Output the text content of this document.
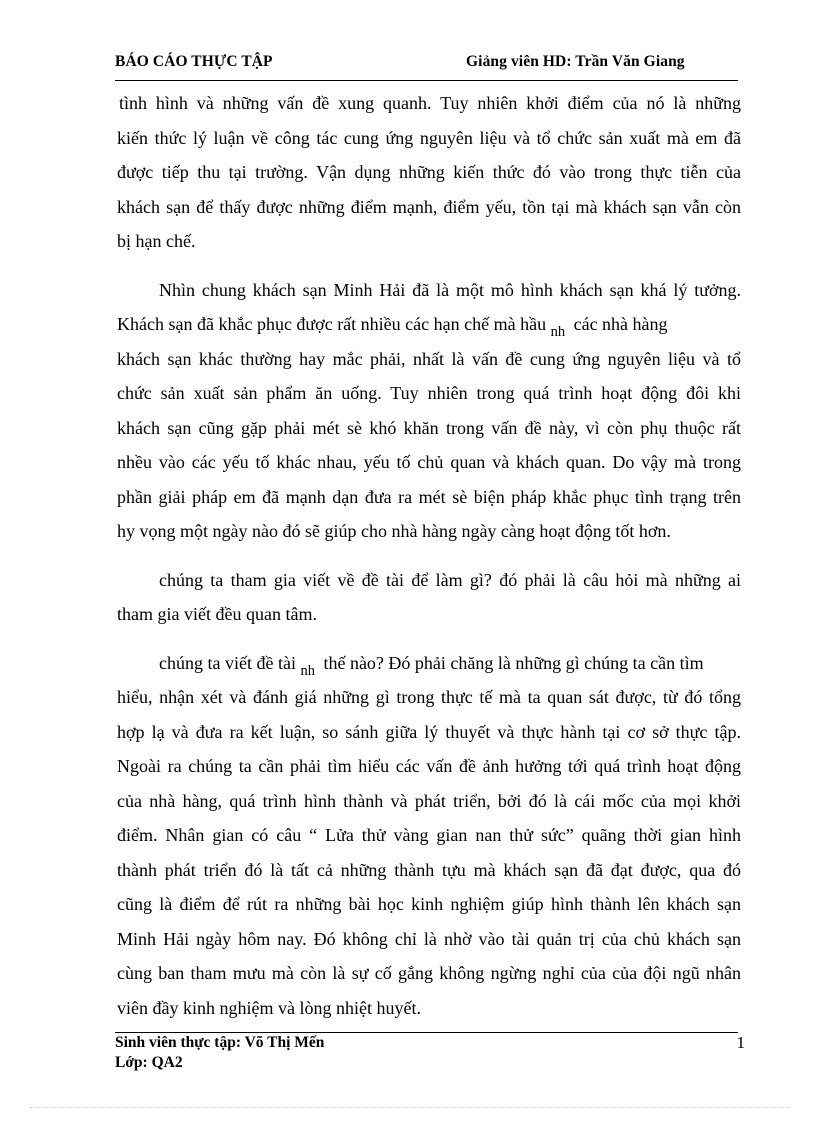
BÁO CÁO THỰC TẬP	Giảng viên HD: Trần Văn Giang
tình hình và những vấn đề xung quanh. Tuy nhiên khởi điểm của nó là những
kiến thức lý luận về công tác cung ứng nguyên liệu và tổ chức sản xuất mà em đã
được tiếp thu tại trường. Vận dụng những kiến thức đó vào trong thực tiễn của
khách sạn để thấy được những điểm mạnh, điểm yếu, tồn tại mà khách sạn vẫn còn
bị hạn chế.
Nhìn chung khách sạn Minh Hải đã là một mô hình khách sạn khá lý tưởng.
Khách sạn đã khắc phục được rất nhiều các hạn chế mà hầu $_{nh}$ các nhà hàng
khách sạn khác thường hay mắc phải, nhất là vấn đề cung ứng nguyên liệu và tổ
chức sản xuất sản phẩm ăn uống. Tuy nhiên trong quá trình hoạt động đôi khi
khách sạn cũng gặp phải mét sè khó khăn trong vấn đề này, vì còn phụ thuộc rất
nhều vào các yếu tố khác nhau, yếu tố chủ quan và khách quan. Do vậy mà trong
phần giải pháp em đã mạnh dạn đưa ra mét sè biện pháp khắc phục tình trạng trên
hy vọng một ngày nào đó sẽ giúp cho nhà hàng ngày càng hoạt động tốt hơn.
chúng ta tham gia viết về đề tài để làm gì? đó phải là câu hỏi mà những ai
tham gia viết đều quan tâm.
chúng ta viết đề tài $_{nh}$ thế nào? Đó phải chăng là những gì chúng ta cần tìm
hiểu, nhận xét và đánh giá những gì trong thực tế mà ta quan sát được, từ đó tổng
hợp lạ và đưa ra kết luận, so sánh giữa lý thuyết và thực hành tại cơ sở thực tập.
Ngoài ra chúng ta cần phải tìm hiểu các vấn đề ảnh hưởng tới quá trình hoạt động
của nhà hàng, quá trình hình thành và phát triển, bởi đó là cái mốc của mọi khởi
điểm. Nhân gian có câu “ Lửa thử vàng gian nan thử sức” quãng thời gian hình
thành phát triển đó là tất cả những thành tựu mà khách sạn đã đạt được, qua đó
cũng là điểm để rút ra những bài học kinh nghiệm giúp hình thành lên khách sạn
Minh Hải ngày hôm nay. Đó không chỉ là nhờ vào tài quản trị của chủ khách sạn
cùng ban tham mưu mà còn là sự cố gắng không ngừng nghỉ của của đội ngũ nhân
viên đầy kinh nghiệm và lòng nhiệt huyết.
Sinh viên thực tập: Võ Thị Mến
Lớp: QA2
1
